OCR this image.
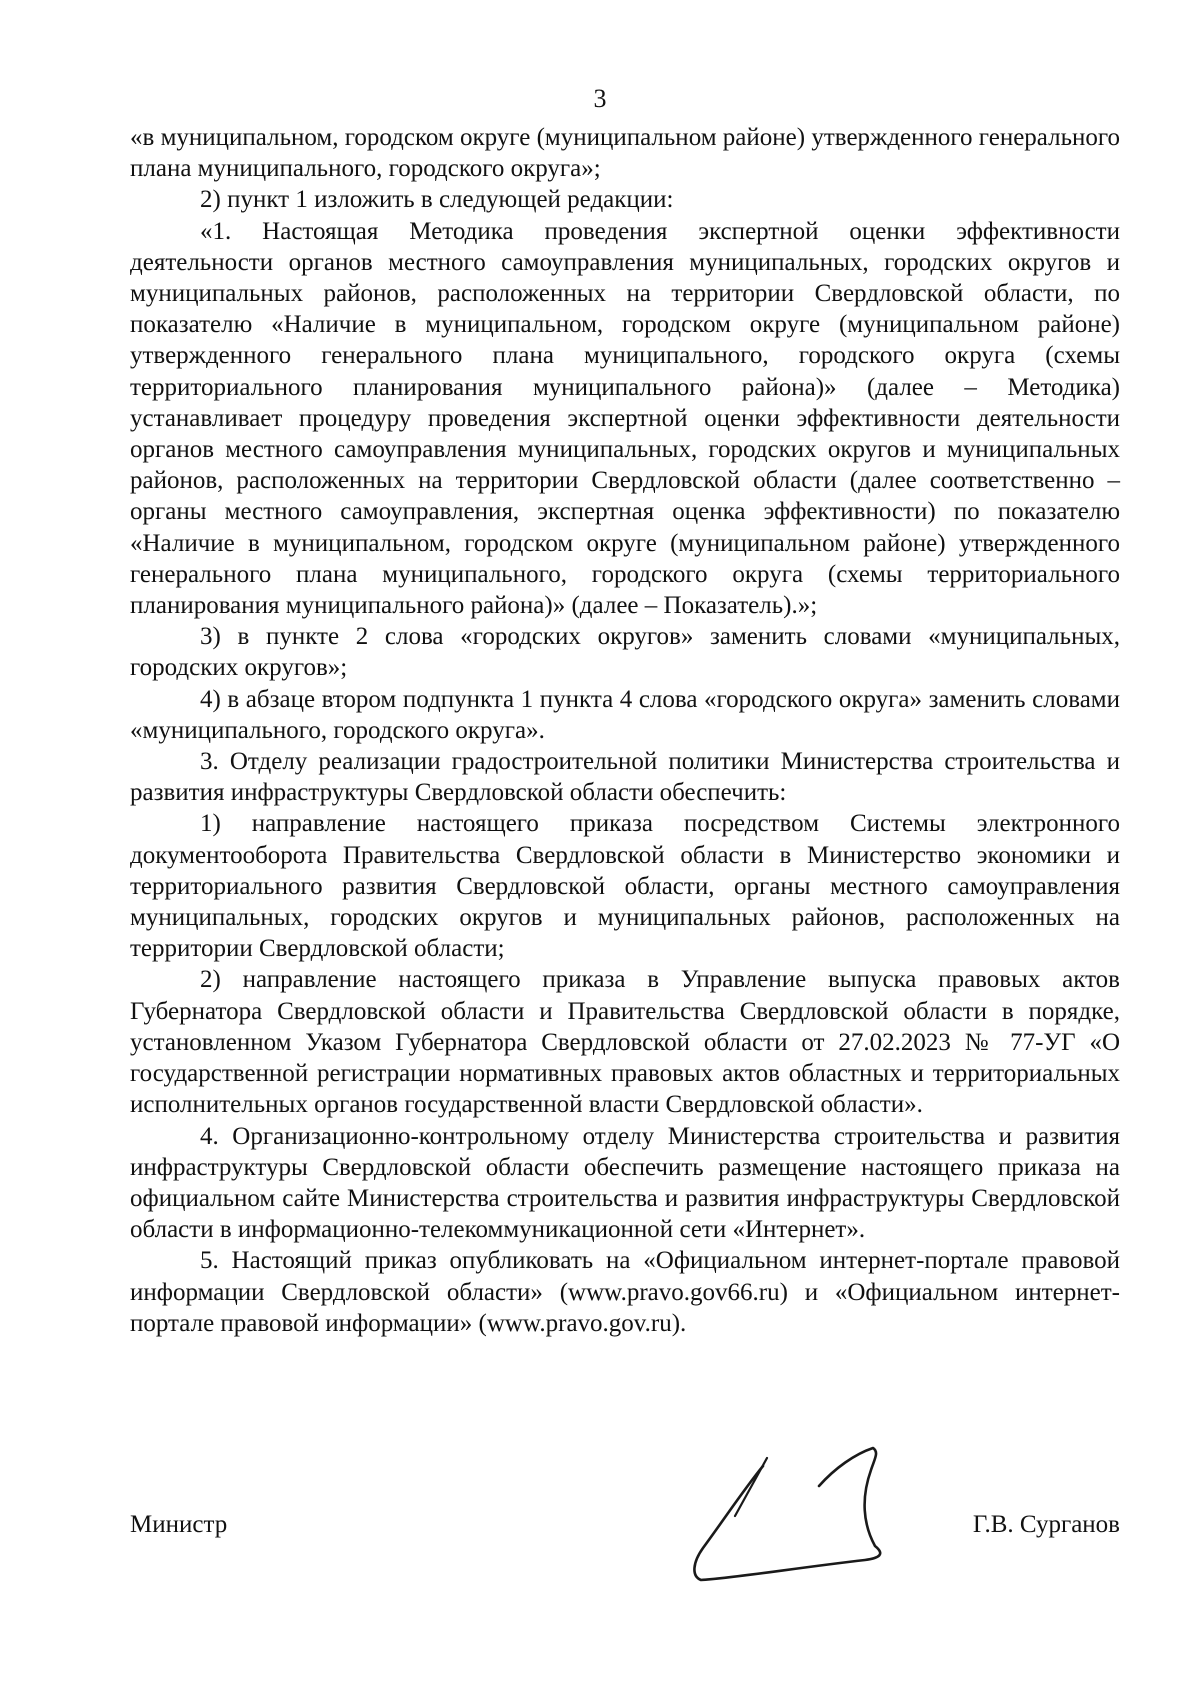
3

«в муниципальном, городском округе (муниципальном районе) утвержденного генерального плана муниципального, городского округа»;

2) пункт 1 изложить в следующей редакции:

«1. Настоящая Методика проведения экспертной оценки эффективности деятельности органов местного самоуправления муниципальных, городских округов и муниципальных районов, расположенных на территории Свердловской области, по показателю «Наличие в муниципальном, городском округе (муниципальном районе) утвержденного генерального плана муниципального, городского округа (схемы территориального планирования муниципального района)» (далее – Методика) устанавливает процедуру проведения экспертной оценки эффективности деятельности органов местного самоуправления муниципальных, городских округов и муниципальных районов, расположенных на территории Свердловской области (далее соответственно – органы местного самоуправления, экспертная оценка эффективности) по показателю «Наличие в муниципальном, городском округе (муниципальном районе) утвержденного генерального плана муниципального, городского округа (схемы территориального планирования муниципального района)» (далее – Показатель).»;

3) в пункте 2 слова «городских округов» заменить словами «муниципальных, городских округов»;

4) в абзаце втором подпункта 1 пункта 4 слова «городского округа» заменить словами «муниципального, городского округа».

3. Отделу реализации градостроительной политики Министерства строительства и развития инфраструктуры Свердловской области обеспечить:

1) направление настоящего приказа посредством Системы электронного документооборота Правительства Свердловской области в Министерство экономики и территориального развития Свердловской области, органы местного самоуправления муниципальных, городских округов и муниципальных районов, расположенных на территории Свердловской области;

2) направление настоящего приказа в Управление выпуска правовых актов Губернатора Свердловской области и Правительства Свердловской области в порядке, установленном Указом Губернатора Свердловской области от 27.02.2023 № 77-УГ «О государственной регистрации нормативных правовых актов областных и территориальных исполнительных органов государственной власти Свердловской области».

4. Организационно-контрольному отделу Министерства строительства и развития инфраструктуры Свердловской области обеспечить размещение настоящего приказа на официальном сайте Министерства строительства и развития инфраструктуры Свердловской области в информационно-телекоммуникационной сети «Интернет».

5. Настоящий приказ опубликовать на «Официальном интернет-портале правовой информации Свердловской области» (www.pravo.gov66.ru) и «Официальном интернет-портале правовой информации» (www.pravo.gov.ru).

Министр	Г.В. Сурганов
